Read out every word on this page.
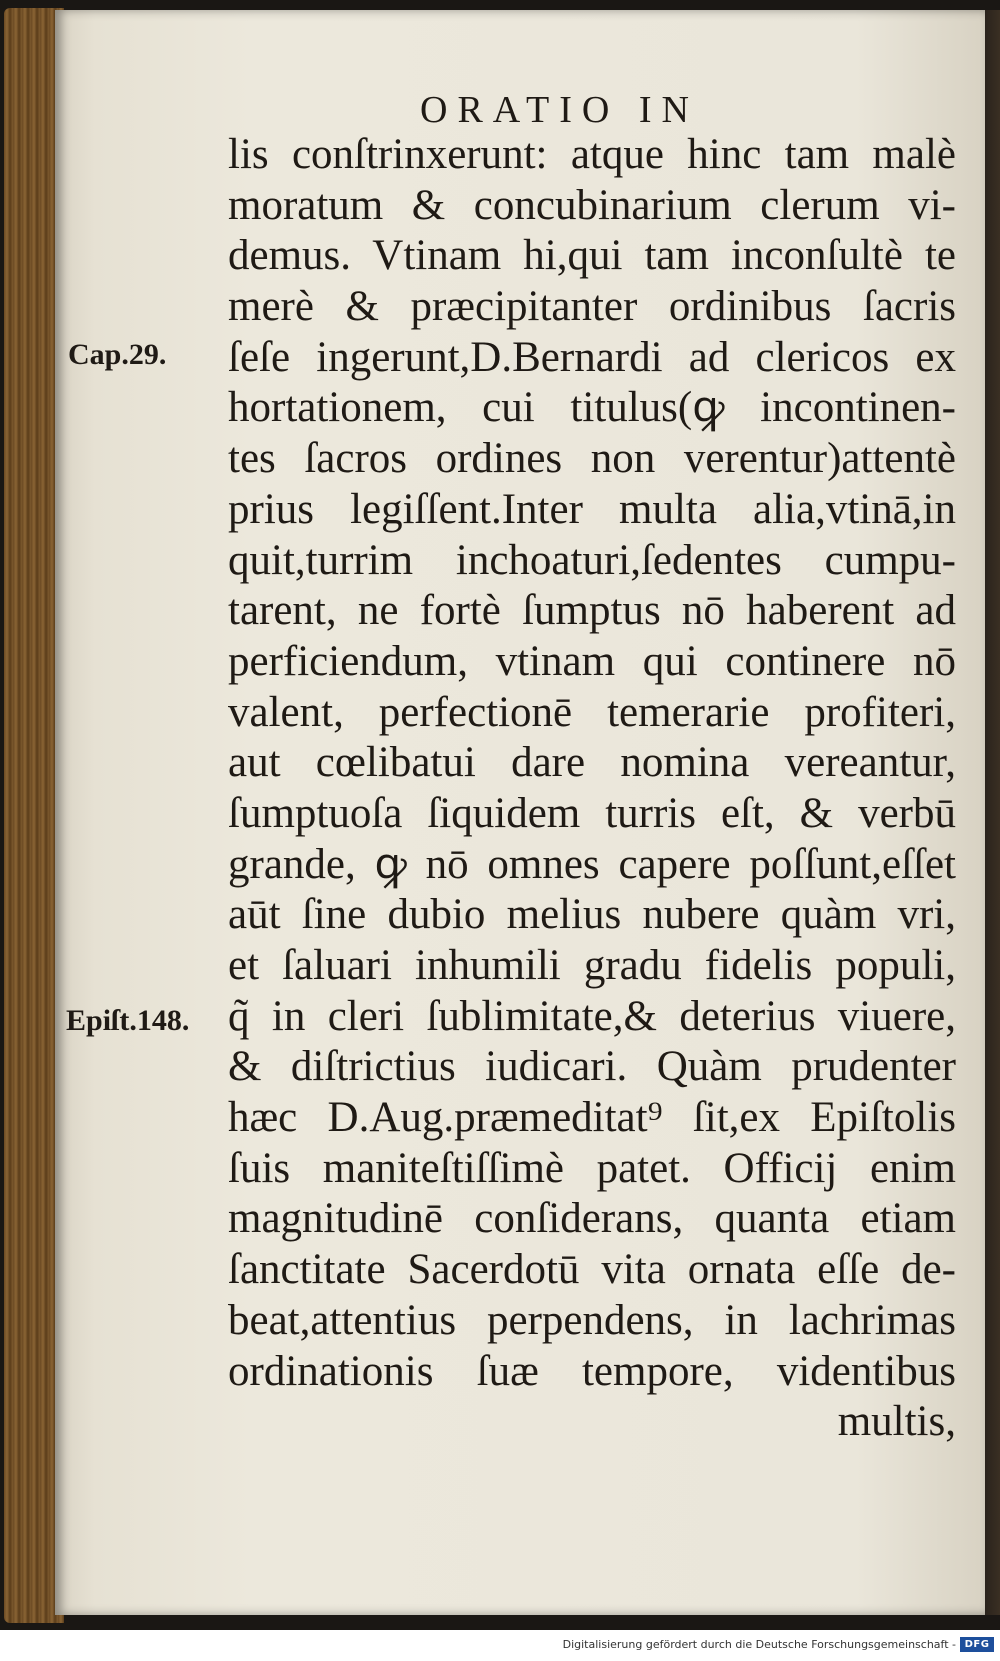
ORATIO IN
Cap.29.
Epiſt.148.
lis conſtrinxerunt: atque hinc tam malè
moratum & concubinarium clerum vi-
demus. Vtinam hi,qui tam inconſultè te
merè & præcipitanter ordinibus ſacris
ſeſe ingerunt,D.Bernardi ad clericos ex
hortationem, cui titulus(ꝙ incontinen-
tes ſacros ordines non verentur)attentè
prius legiſſent.Inter multa alia,vtinā,in
quit,turrim inchoaturi,ſedentes cumpu-
tarent, ne fortè ſumptus nō haberent ad
perficiendum, vtinam qui continere nō
valent, perfectionē temerarie profiteri,
aut cœlibatui dare nomina vereantur,
ſumptuoſa ſiquidem turris eſt, & verbū
grande, ꝙ nō omnes capere poſſunt,eſſet
aūt ſine dubio melius nubere quàm vri,
et ſaluari inhumili gradu fidelis populi,
q̃ in cleri ſublimitate,& deterius viuere,
& diſtrictius iudicari. Quàm prudenter
hæc D.Aug.præmeditat⁹ ſit,ex Epiſtolis
ſuis maniteſtiſſimè patet. Officij enim
magnitudinē conſiderans, quanta etiam
ſanctitate Sacerdotū vita ornata eſſe de-
beat,attentius perpendens, in lachrimas
ordinationis ſuæ tempore, videntibus
multis,
Digitalisierung gefördert durch die Deutsche Forschungsgemeinschaft - DFG
